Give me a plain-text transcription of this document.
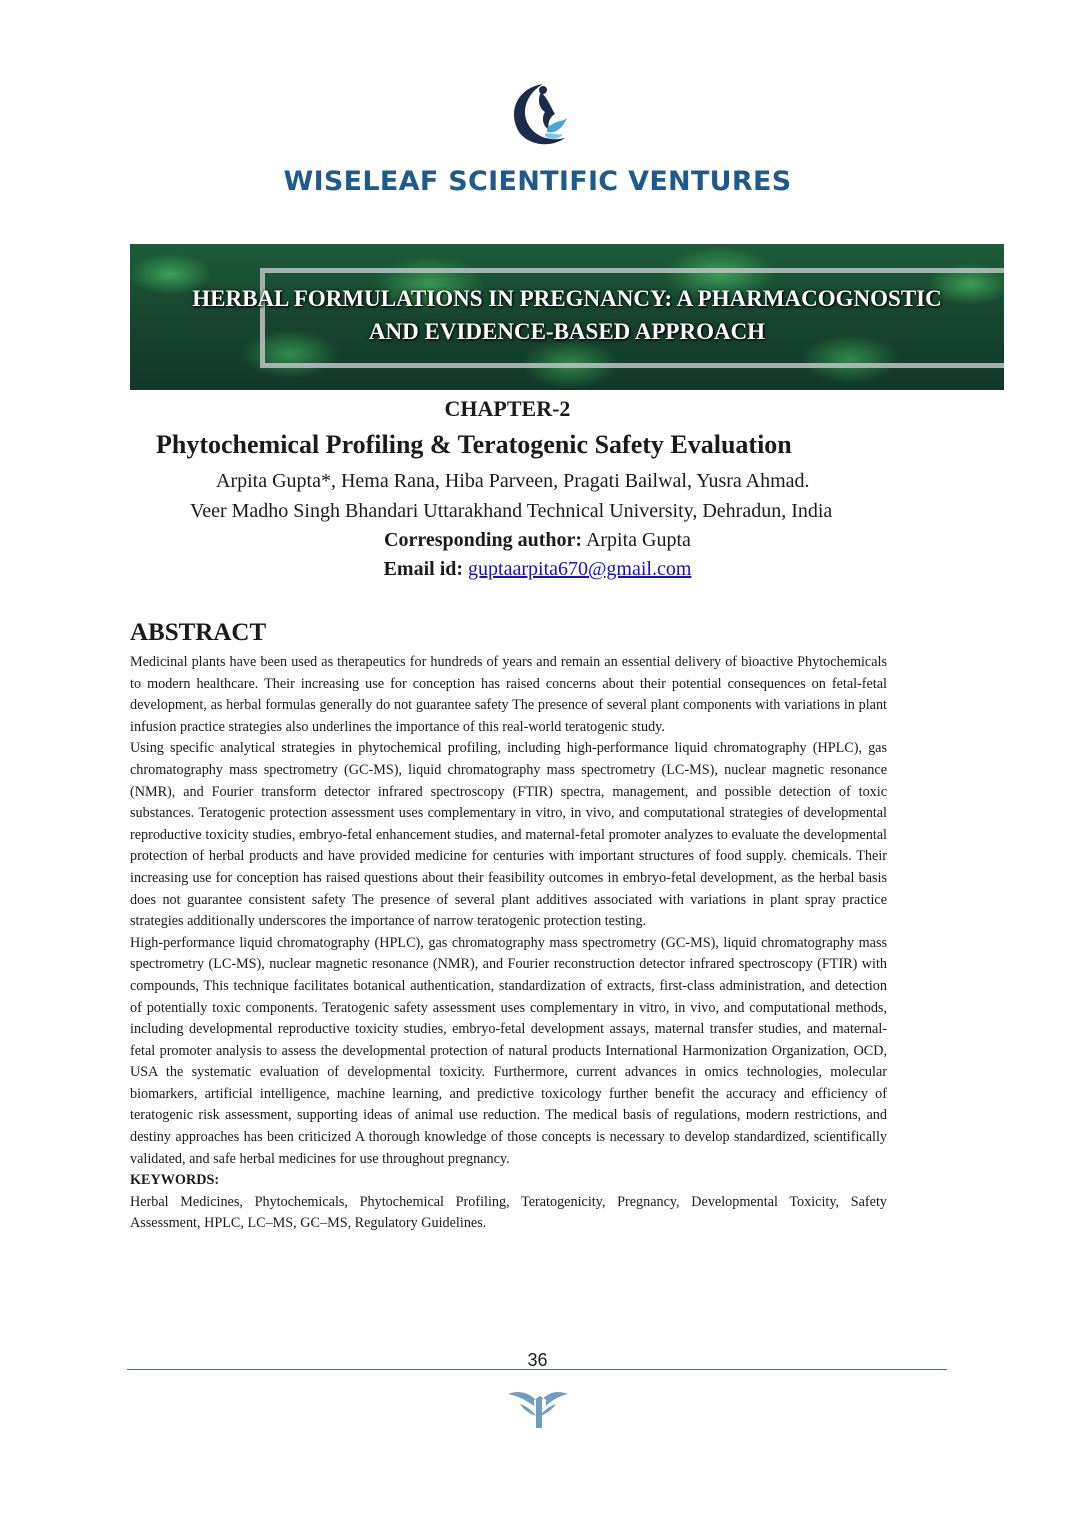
WISELEAF SCIENTIFIC VENTURES
HERBAL FORMULATIONS IN PREGNANCY: A PHARMACOGNOSTIC
AND EVIDENCE-BASED APPROACH
CHAPTER-2
Phytochemical Profiling & Teratogenic Safety Evaluation
Arpita Gupta*, Hema Rana, Hiba Parveen, Pragati Bailwal, Yusra Ahmad.
Veer Madho Singh Bhandari Uttarakhand Technical University, Dehradun, India
Corresponding author: Arpita Gupta
Email id: guptaarpita670@gmail.com
ABSTRACT

Medicinal plants have been used as therapeutics for hundreds of years and remain an essential delivery of bioactive Phytochemicals to modern healthcare. Their increasing use for conception has raised concerns about their potential consequences on fetal-fetal development, as herbal formulas generally do not guarantee safety The presence of several plant components with variations in plant infusion practice strategies also underlines the importance of this real-world teratogenic study.

Using specific analytical strategies in phytochemical profiling, including high-performance liquid chromatography (HPLC), gas chromatography mass spectrometry (GC-MS), liquid chromatography mass spectrometry (LC-MS), nuclear magnetic resonance (NMR), and Fourier transform detector infrared spectroscopy (FTIR) spectra, management, and possible detection of toxic substances. Teratogenic protection assessment uses complementary in vitro, in vivo, and computational strategies of developmental reproductive toxicity studies, embryo-fetal enhancement studies, and maternal-fetal promoter analyzes to evaluate the developmental protection of herbal products and have provided medicine for centuries with important structures of food supply. chemicals. Their increasing use for conception has raised questions about their feasibility outcomes in embryo-fetal development, as the herbal basis does not guarantee consistent safety The presence of several plant additives associated with variations in plant spray practice strategies additionally underscores the importance of narrow teratogenic protection testing.

High-performance liquid chromatography (HPLC), gas chromatography mass spectrometry (GC-MS), liquid chromatography mass spectrometry (LC-MS), nuclear magnetic resonance (NMR), and Fourier reconstruction detector infrared spectroscopy (FTIR) with compounds, This technique facilitates botanical authentication, standardization of extracts, first-class administration, and detection of potentially toxic components. Teratogenic safety assessment uses complementary in vitro, in vivo, and computational methods, including developmental reproductive toxicity studies, embryo-fetal development assays, maternal transfer studies, and maternal-fetal promoter analysis to assess the developmental protection of natural products International Harmonization Organization, OCD, USA the systematic evaluation of developmental toxicity. Furthermore, current advances in omics technologies, molecular biomarkers, artificial intelligence, machine learning, and predictive toxicology further benefit the accuracy and efficiency of teratogenic risk assessment, supporting ideas of animal use reduction. The medical basis of regulations, modern restrictions, and destiny approaches has been criticized A thorough knowledge of those concepts is necessary to develop standardized, scientifically validated, and safe herbal medicines for use throughout pregnancy.

KEYWORDS:

Herbal Medicines, Phytochemicals, Phytochemical Profiling, Teratogenicity, Pregnancy, Developmental Toxicity, Safety Assessment, HPLC, LC–MS, GC–MS, Regulatory Guidelines.

36
